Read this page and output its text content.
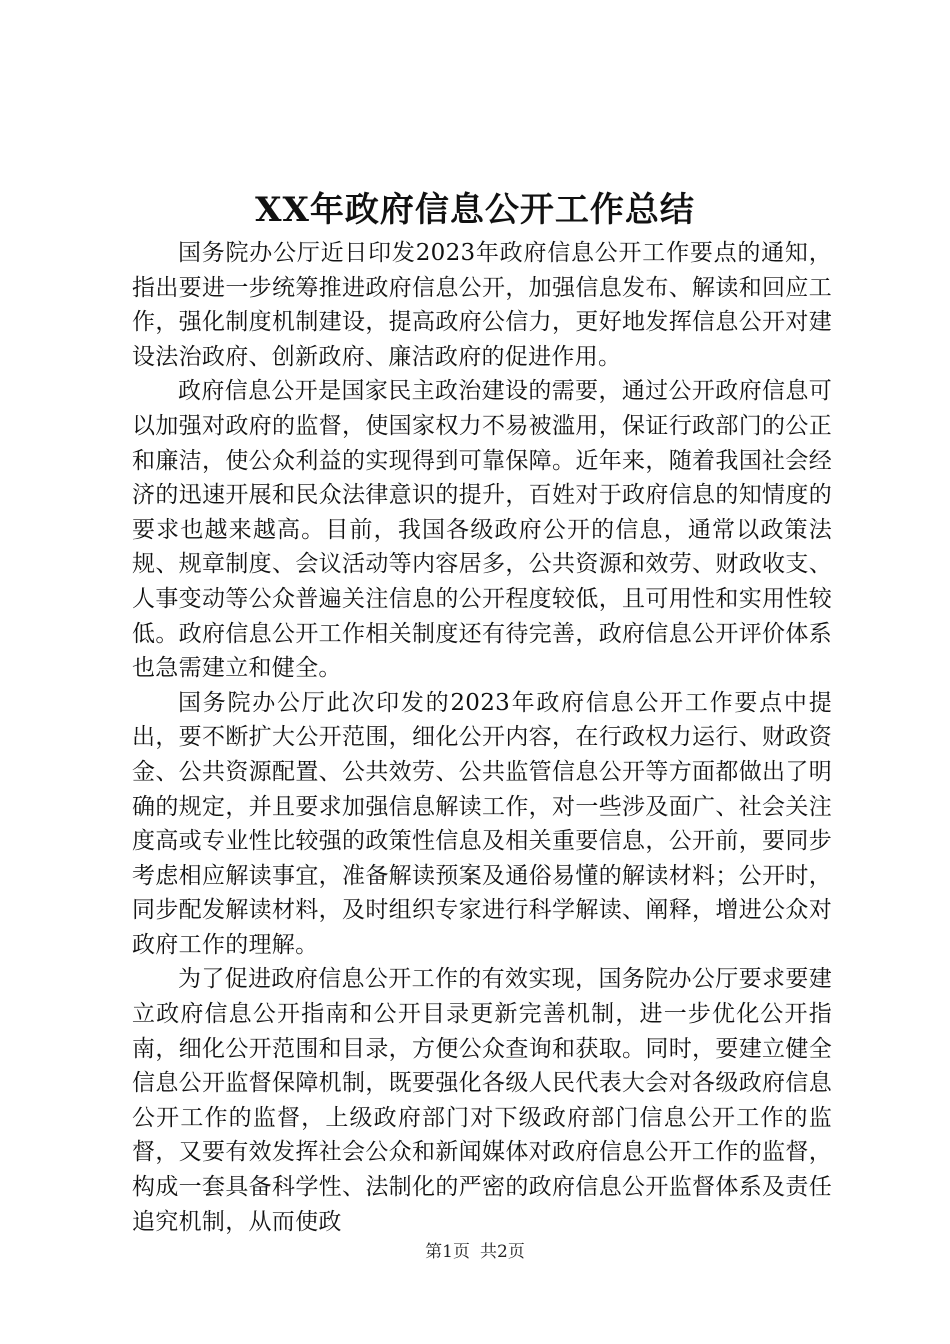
XX年政府信息公开工作总结

国务院办公厅近日印发2023年政府信息公开工作要点的通知，指出要进一步统筹推进政府信息公开，加强信息发布、解读和回应工作，强化制度机制建设，提高政府公信力，更好地发挥信息公开对建设法治政府、创新政府、廉洁政府的促进作用。

政府信息公开是国家民主政治建设的需要，通过公开政府信息可以加强对政府的监督，使国家权力不易被滥用，保证行政部门的公正和廉洁，使公众利益的实现得到可靠保障。近年来，随着我国社会经济的迅速开展和民众法律意识的提升，百姓对于政府信息的知情度的要求也越来越高。目前，我国各级政府公开的信息，通常以政策法规、规章制度、会议活动等内容居多，公共资源和效劳、财政收支、人事变动等公众普遍关注信息的公开程度较低，且可用性和实用性较低。政府信息公开工作相关制度还有待完善，政府信息公开评价体系也急需建立和健全。

国务院办公厅此次印发的2023年政府信息公开工作要点中提出，要不断扩大公开范围，细化公开内容，在行政权力运行、财政资金、公共资源配置、公共效劳、公共监管信息公开等方面都做出了明确的规定，并且要求加强信息解读工作，对一些涉及面广、社会关注度高或专业性比较强的政策性信息及相关重要信息，公开前，要同步考虑相应解读事宜，准备解读预案及通俗易懂的解读材料；公开时，同步配发解读材料，及时组织专家进行科学解读、阐释，增进公众对政府工作的理解。

为了促进政府信息公开工作的有效实现，国务院办公厅要求要建立政府信息公开指南和公开目录更新完善机制，进一步优化公开指南，细化公开范围和目录，方便公众查询和获取。同时，要建立健全信息公开监督保障机制，既要强化各级人民代表大会对各级政府信息公开工作的监督，上级政府部门对下级政府部门信息公开工作的监督，又要有效发挥社会公众和新闻媒体对政府信息公开工作的监督，构成一套具备科学性、法制化的严密的政府信息公开监督体系及责任追究机制，从而使政

第1页 共2页
